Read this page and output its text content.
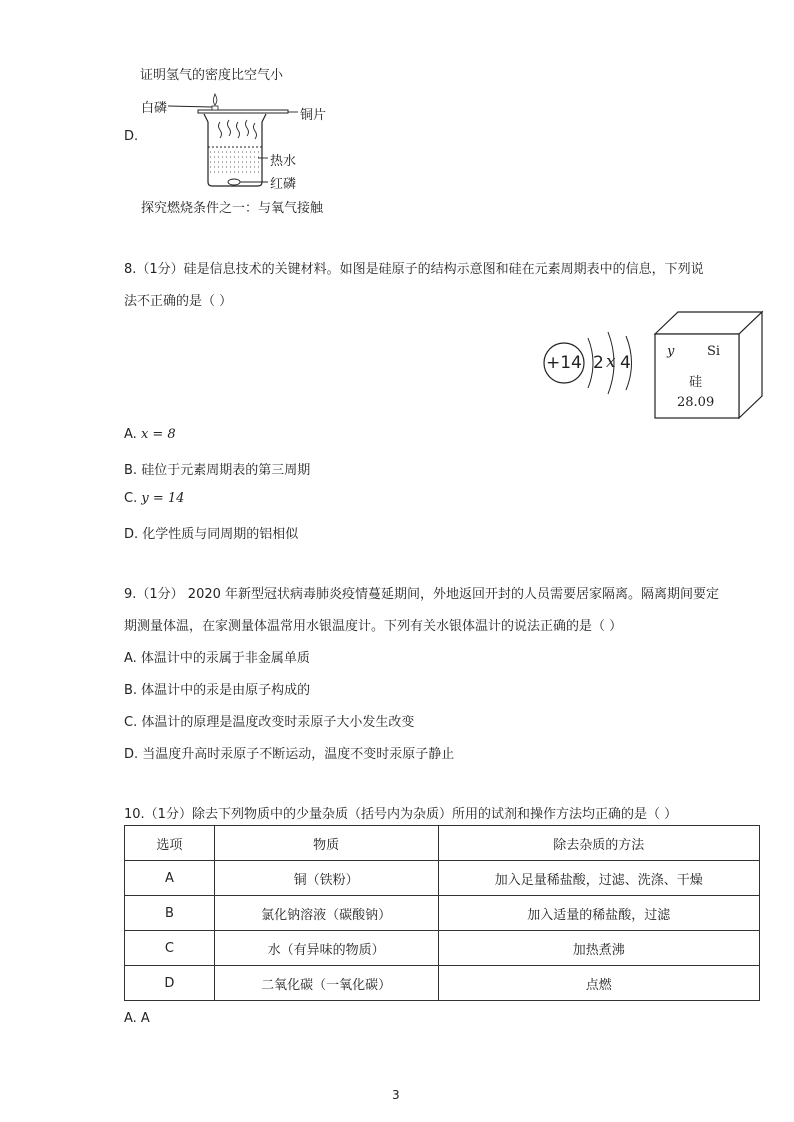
证明氢气的密度比空气小
D.
白磷	铜片
热水
红磷
探究燃烧条件之一：与氧气接触
8.（1分）硅是信息技术的关键材料。如图是硅原子的结构示意图和硅在元素周期表中的信息，下列说
法不正确的是（ ）
+14 2 x 4
y	Si
硅
28.09
A. x = 8
B. 硅位于元素周期表的第三周期
C. y = 14
D. 化学性质与同周期的铝相似
9.（1分） 2020 年新型冠状病毒肺炎疫情蔓延期间，外地返回开封的人员需要居家隔离。隔离期间要定
期测量体温，在家测量体温常用水银温度计。下列有关水银体温计的说法正确的是（ ）
A. 体温计中的汞属于非金属单质
B. 体温计中的汞是由原子构成的
C. 体温计的原理是温度改变时汞原子大小发生改变
D. 当温度升高时汞原子不断运动，温度不变时汞原子静止
10.（1分）除去下列物质中的少量杂质（括号内为杂质）所用的试剂和操作方法均正确的是（ ）
选项	物质	除去杂质的方法
A	铜（铁粉）	加入足量稀盐酸，过滤、洗涤、干燥
B	氯化钠溶液（碳酸钠）	加入适量的稀盐酸，过滤
C	水（有异味的物质）	加热煮沸
D	二氧化碳（一氧化碳）	点燃
A. A
3
